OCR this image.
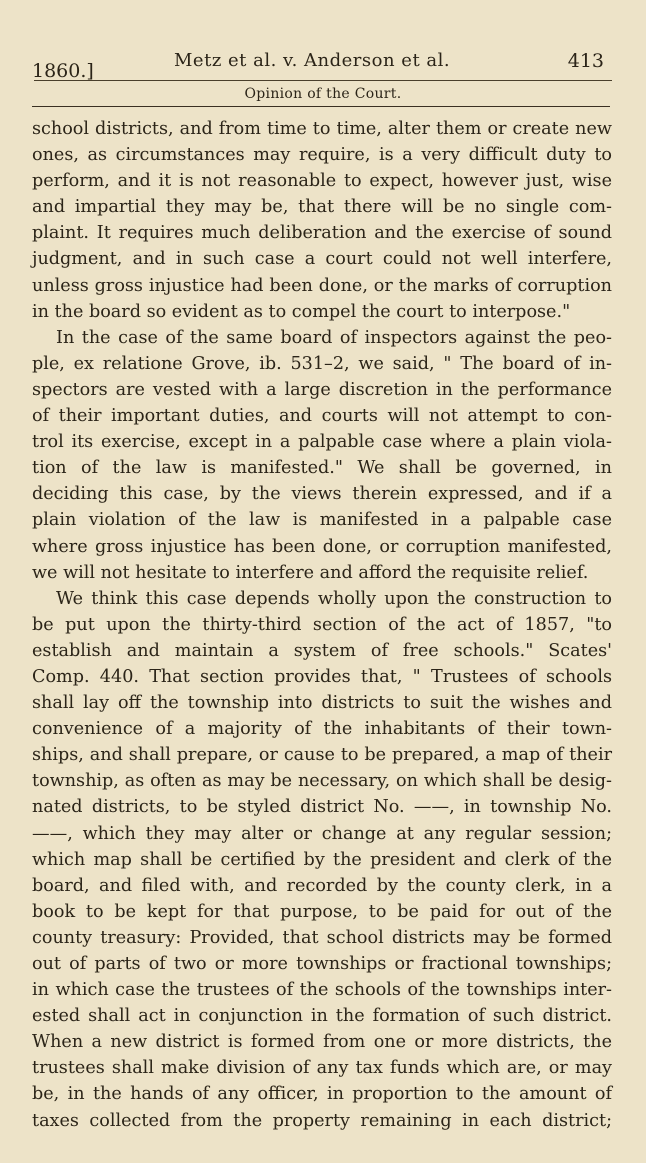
1860.]	Metz et al. v. Anderson et al.	413
Opinion of the Court.
school districts, and from time to time, alter them or create new
ones, as circumstances may require, is a very difficult duty to
perform, and it is not reasonable to expect, however just, wise
and impartial they may be, that there will be no single com-
plaint. It requires much deliberation and the exercise of sound
judgment, and in such case a court could not well interfere,
unless gross injustice had been done, or the marks of corruption
in the board so evident as to compel the court to interpose."
In the case of the same board of inspectors against the peo-
ple, ex relatione Grove, ib. 531–2, we said, " The board of in-
spectors are vested with a large discretion in the performance
of their important duties, and courts will not attempt to con-
trol its exercise, except in a palpable case where a plain viola-
tion of the law is manifested." We shall be governed, in
deciding this case, by the views therein expressed, and if a
plain violation of the law is manifested in a palpable case
where gross injustice has been done, or corruption manifested,
we will not hesitate to interfere and afford the requisite relief.
We think this case depends wholly upon the construction to
be put upon the thirty-third section of the act of 1857, "to
establish and maintain a system of free schools." Scates'
Comp. 440. That section provides that, " Trustees of schools
shall lay off the township into districts to suit the wishes and
convenience of a majority of the inhabitants of their town-
ships, and shall prepare, or cause to be prepared, a map of their
township, as often as may be necessary, on which shall be desig-
nated districts, to be styled district No. ——, in township No.
——, which they may alter or change at any regular session;
which map shall be certified by the president and clerk of the
board, and filed with, and recorded by the county clerk, in a
book to be kept for that purpose, to be paid for out of the
county treasury: Provided, that school districts may be formed
out of parts of two or more townships or fractional townships;
in which case the trustees of the schools of the townships inter-
ested shall act in conjunction in the formation of such district.
When a new district is formed from one or more districts, the
trustees shall make division of any tax funds which are, or may
be, in the hands of any officer, in proportion to the amount of
taxes collected from the property remaining in each district;
